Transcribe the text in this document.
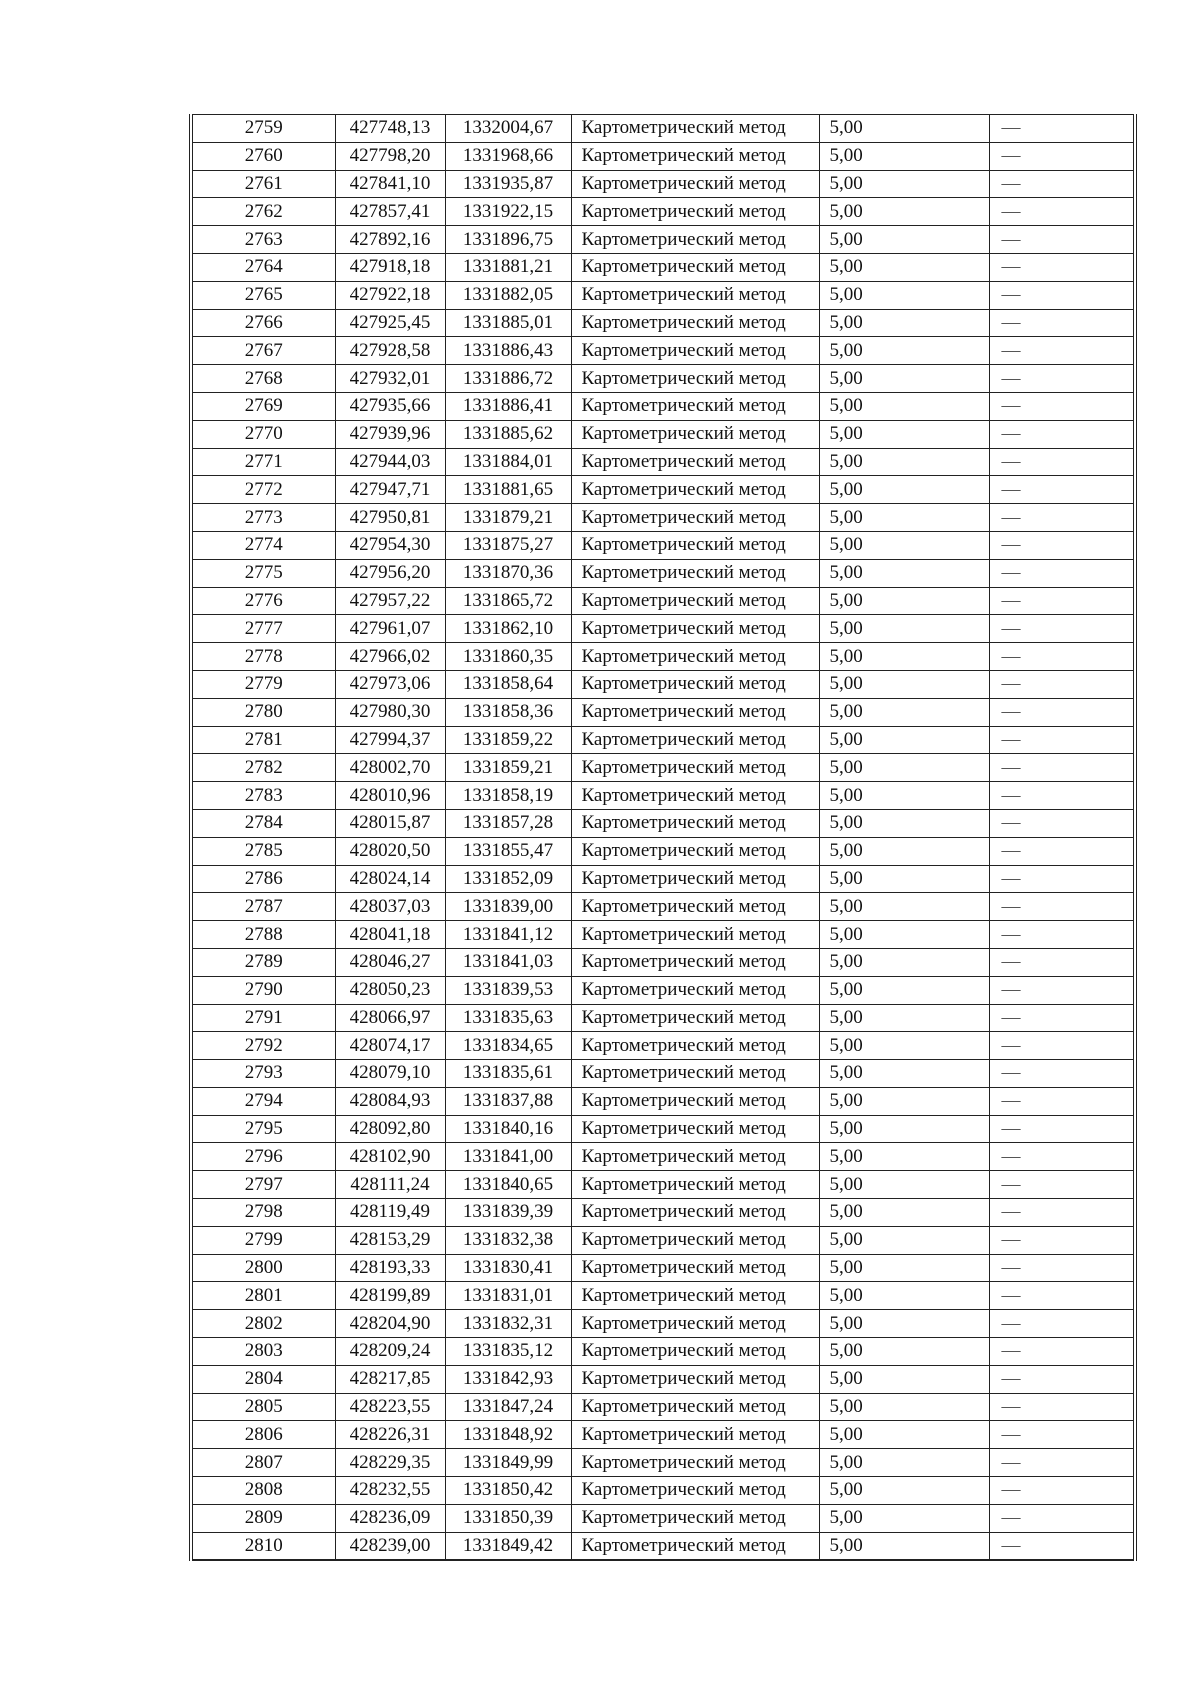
2759	427748,13	1332004,67	Картометрический метод	5,00	—
2760	427798,20	1331968,66	Картометрический метод	5,00	—
2761	427841,10	1331935,87	Картометрический метод	5,00	—
2762	427857,41	1331922,15	Картометрический метод	5,00	—
2763	427892,16	1331896,75	Картометрический метод	5,00	—
2764	427918,18	1331881,21	Картометрический метод	5,00	—
2765	427922,18	1331882,05	Картометрический метод	5,00	—
2766	427925,45	1331885,01	Картометрический метод	5,00	—
2767	427928,58	1331886,43	Картометрический метод	5,00	—
2768	427932,01	1331886,72	Картометрический метод	5,00	—
2769	427935,66	1331886,41	Картометрический метод	5,00	—
2770	427939,96	1331885,62	Картометрический метод	5,00	—
2771	427944,03	1331884,01	Картометрический метод	5,00	—
2772	427947,71	1331881,65	Картометрический метод	5,00	—
2773	427950,81	1331879,21	Картометрический метод	5,00	—
2774	427954,30	1331875,27	Картометрический метод	5,00	—
2775	427956,20	1331870,36	Картометрический метод	5,00	—
2776	427957,22	1331865,72	Картометрический метод	5,00	—
2777	427961,07	1331862,10	Картометрический метод	5,00	—
2778	427966,02	1331860,35	Картометрический метод	5,00	—
2779	427973,06	1331858,64	Картометрический метод	5,00	—
2780	427980,30	1331858,36	Картометрический метод	5,00	—
2781	427994,37	1331859,22	Картометрический метод	5,00	—
2782	428002,70	1331859,21	Картометрический метод	5,00	—
2783	428010,96	1331858,19	Картометрический метод	5,00	—
2784	428015,87	1331857,28	Картометрический метод	5,00	—
2785	428020,50	1331855,47	Картометрический метод	5,00	—
2786	428024,14	1331852,09	Картометрический метод	5,00	—
2787	428037,03	1331839,00	Картометрический метод	5,00	—
2788	428041,18	1331841,12	Картометрический метод	5,00	—
2789	428046,27	1331841,03	Картометрический метод	5,00	—
2790	428050,23	1331839,53	Картометрический метод	5,00	—
2791	428066,97	1331835,63	Картометрический метод	5,00	—
2792	428074,17	1331834,65	Картометрический метод	5,00	—
2793	428079,10	1331835,61	Картометрический метод	5,00	—
2794	428084,93	1331837,88	Картометрический метод	5,00	—
2795	428092,80	1331840,16	Картометрический метод	5,00	—
2796	428102,90	1331841,00	Картометрический метод	5,00	—
2797	428111,24	1331840,65	Картометрический метод	5,00	—
2798	428119,49	1331839,39	Картометрический метод	5,00	—
2799	428153,29	1331832,38	Картометрический метод	5,00	—
2800	428193,33	1331830,41	Картометрический метод	5,00	—
2801	428199,89	1331831,01	Картометрический метод	5,00	—
2802	428204,90	1331832,31	Картометрический метод	5,00	—
2803	428209,24	1331835,12	Картометрический метод	5,00	—
2804	428217,85	1331842,93	Картометрический метод	5,00	—
2805	428223,55	1331847,24	Картометрический метод	5,00	—
2806	428226,31	1331848,92	Картометрический метод	5,00	—
2807	428229,35	1331849,99	Картометрический метод	5,00	—
2808	428232,55	1331850,42	Картометрический метод	5,00	—
2809	428236,09	1331850,39	Картометрический метод	5,00	—
2810	428239,00	1331849,42	Картометрический метод	5,00	—
